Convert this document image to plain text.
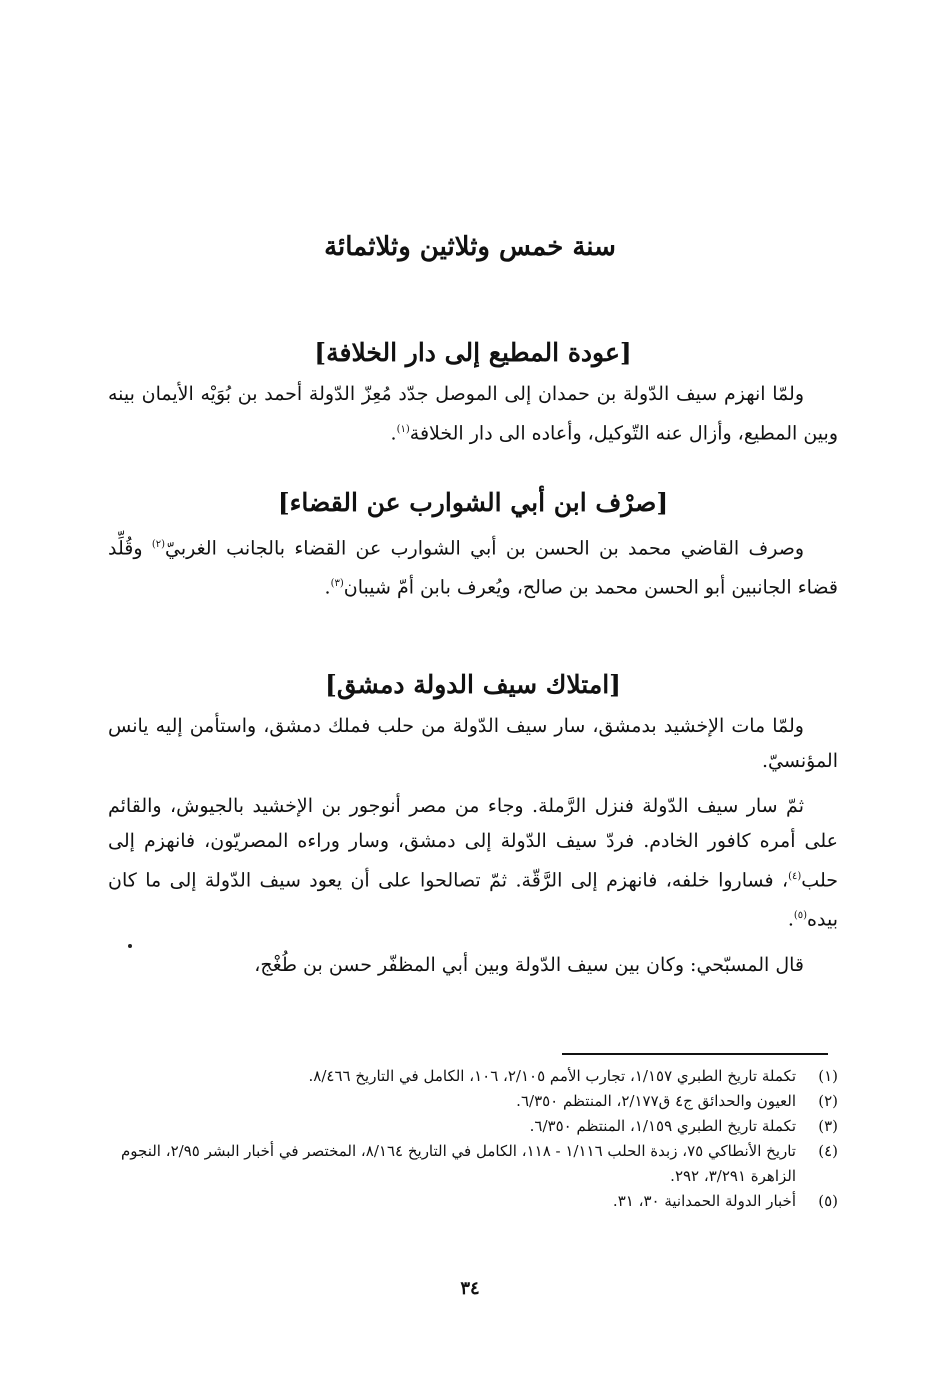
سنة خمس وثلاثين وثلاثمائة
[عودة المطيع إلى دار الخلافة]

ولمّا انهزم سيف الدّولة بن حمدان إلى الموصل جدّد مُعِزّ الدّولة أحمد بن بُوَيْه الأيمان بينه وبين المطيع، وأزال عنه التّوكيل، وأعاده الى دار الخلافة$^{(١)}$.

[صرْف ابن أبي الشوارب عن القضاء]

وصرف القاضي محمد بن الحسن بن أبي الشوارب عن القضاء بالجانب الغربيّ$^{(٢)}$ وقُلِّد قضاء الجانبين أبو الحسن محمد بن صالح، ويُعرف بابن أمّ شيبان$^{(٣)}$.

[امتلاك سيف الدولة دمشق]

ولمّا مات الإخشيد بدمشق، سار سيف الدّولة من حلب فملك دمشق، واستأمن إليه يانس المؤنسيّ.

ثمّ سار سيف الدّولة فنزل الرَّملة. وجاء من مصر أنوجور بن الإخشيد بالجيوش، والقائم على أمره كافور الخادم. فردّ سيف الدّولة إلى دمشق، وسار وراءه المصريّون، فانهزم إلى حلب$^{(٤)}$، فساروا خلفه، فانهزم إلى الرَّقّة. ثمّ تصالحوا على أن يعود سيف الدّولة إلى ما كان بيده$^{(٥)}$.

قال المسبّحي: وكان بين سيف الدّولة وبين أبي المظفّر حسن بن طُغْج،

(١)
تكملة تاريخ الطبري ١/١٥٧، تجارب الأمم ٢/١٠٥، ١٠٦، الكامل في التاريخ ٨/٤٦٦.
(٢)
العيون والحدائق ج٤ ق٢/١٧٧، المنتظم ٦/٣٥٠.
(٣)
تكملة تاريخ الطبري ١/١٥٩، المنتظم ٦/٣٥٠.
(٤)
تاريخ الأنطاكي ٧٥، زبدة الحلب ١/١١٦ - ١١٨، الكامل في التاريخ ٨/١٦٤، المختصر في أخبار البشر ٢/٩٥، النجوم الزاهرة ٣/٢٩١، ٢٩٢.
(٥)
أخبار الدولة الحمدانية ٣٠، ٣١.
٣٤
